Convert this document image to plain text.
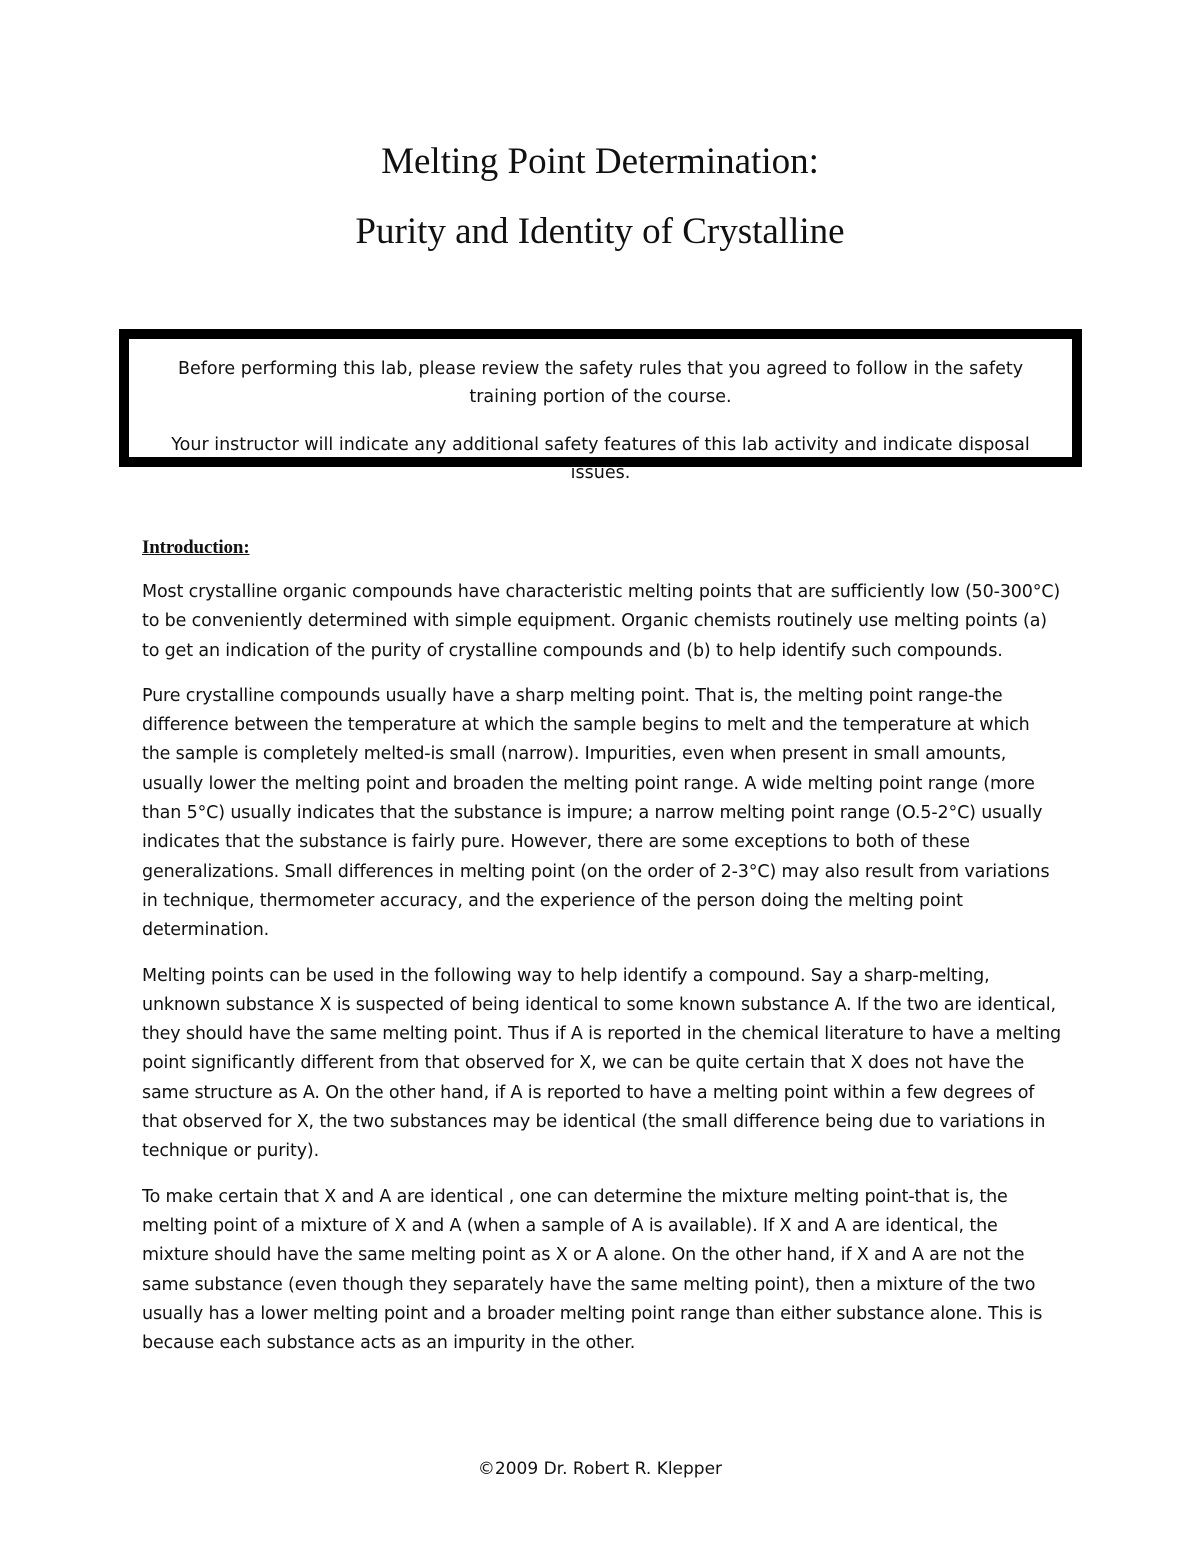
Melting Point Determination:
Purity and Identity of Crystalline

Before performing this lab, please review the safety rules that you agreed to follow in the safety training portion of the course.

Your instructor will indicate any additional safety features of this lab activity and indicate disposal issues.

Introduction:

Most crystalline organic compounds have characteristic melting points that are sufficiently low (50-300°C) to be conveniently determined with simple equipment. Organic chemists routinely use melting points (a) to get an indication of the purity of crystalline compounds and (b) to help identify such compounds.

Pure crystalline compounds usually have a sharp melting point. That is, the melting point range-the difference between the temperature at which the sample begins to melt and the temperature at which the sample is completely melted-is small (narrow). Impurities, even when present in small amounts, usually lower the melting point and broaden the melting point range. A wide melting point range (more than 5°C) usually indicates that the substance is impure; a narrow melting point range (O.5-2°C) usually indicates that the substance is fairly pure. However, there are some exceptions to both of these generalizations. Small differences in melting point (on the order of 2-3°C) may also result from variations in technique, thermometer accuracy, and the experience of the person doing the melting point determination.

Melting points can be used in the following way to help identify a compound. Say a sharp-melting, unknown substance X is suspected of being identical to some known substance A. If the two are identical, they should have the same melting point. Thus if A is reported in the chemical literature to have a melting point significantly different from that observed for X, we can be quite certain that X does not have the same structure as A. On the other hand, if A is reported to have a melting point within a few degrees of that observed for X, the two substances may be identical (the small difference being due to variations in technique or purity).

To make certain that X and A are identical , one can determine the mixture melting point-that is, the melting point of a mixture of X and A (when a sample of A is available). If X and A are identical, the mixture should have the same melting point as X or A alone. On the other hand, if X and A are not the same substance (even though they separately have the same melting point), then a mixture of the two usually has a lower melting point and a broader melting point range than either substance alone. This is because each substance acts as an impurity in the other.

©2009 Dr. Robert R. Klepper
